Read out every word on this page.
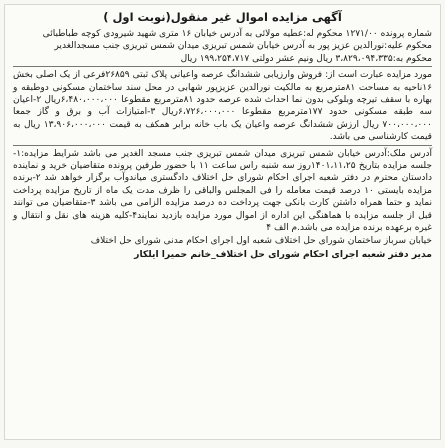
آگهی مزایده اموال غیر منقول(نوبت اول )

شماره پرونده ۱۲۷۱/۰۰ محکوم له:عطیه مولائی به آدرس خیابان ۱۶ متری شهید شیرودی کوچه طباطبائی

محکوم علیه:نورالدین عزیز پور به آدرس خیابان شمس تبریزی میدان شمس تبریزی جنب مسجدالغدیر

محکوم به:۳،۸۲۹،۰۹۴،۳۳۵ ریال ونیم عشر دولتی ۱۹۹،۲۵۴،۷۱۷ ریال

مورد مزایده عبارت است از: فروش وارزیابی ششدانگ عرصه واعیانی پلاک ثبتی ۲۶۸۵۹فرعی از یک اصلی بخش ۱۶ناحیه به مساحت ۸۱مترمربع به مالکیت نورالدین عزیزپور شهابی در محل سند ساختمان مسکونی دوطبقه و بهاره با سقف تیرچه وبلوکی بدون نما احداث شده عرصه حدود ۸۱مترمربع مقطوعا ۶،۴۸۰،۰۰۰،۰۰۰ریال ۲-اعیان سه طبقه مسکونی حدود ۱۷۷مترمربع مقطوعا ۶،۷۲۶،۰۰۰،۰۰۰ریال ۳-امتیازات آب و برق و گاز جمعا ۷۰۰،۰۰۰،۰۰۰ ریال ارزش ششدانگ عرصه واعیان یک باب خانه برابر همکف به قیمت ۱۳،۹۰۶،۰۰۰،۰۰۰ ریال به قیمت کارشناسی می باشد.

آدرس ملک:آدرس خیابان شمس تبریزی میدان شمس تبریزی جنب مسجد الغدیر می باشد شرایط مزایده:۱-جلسه مزایده بتاریخ ۱۴۰۱،۱۱،۲۵روز سه شنبه راس ساعت ۱۱ با حضور طرفین پرونده متقاضیان خرید و نماینده دادستان محترم در دفتر شعبه اجرای احکام شورای حل اختلاف دادگستری میاندوآب برگزار خواهد شد ۲-برنده مزایده بایستی ۱۰ درصد قیمت معامله را فی المجلس والباقی را ظرف مدت یک ماه از تاریخ مزایده پرداخت نماید و حتما همراه داشتن کارت بانکی جهت پرداخت ده درصد مزایده الزامی می باشد ۳-متقاضیان می توانند قبل از جلسه مزایده با هماهنگی این اداره از اموال مورد مزایده بازدید نمایند۴-کلیه هزینه های نقل و انتقال و غیره برعهده برنده مزایده می باشد.م الف ۴

خیابان سرباز ساختمان شورای حل اختلاف شعبه اول اجرای احکام مدنی شورای حل اختلاف

مدیر دفتر شعبه اجرای احکام شورای حل اختلاف_خانم حمیرا ایلکار
